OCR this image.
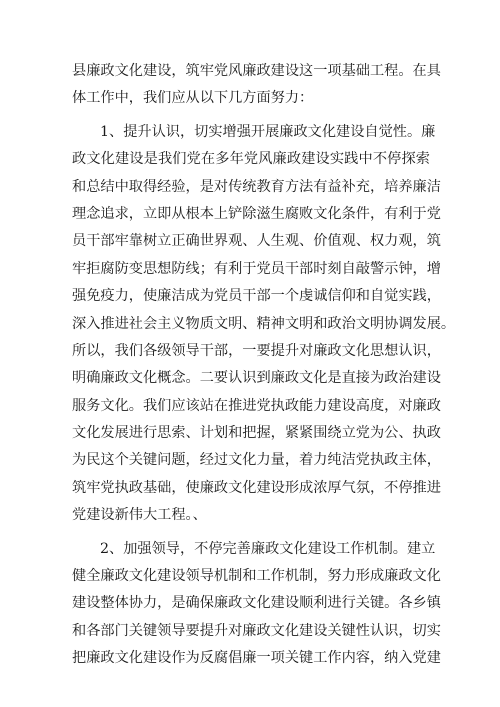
县廉政文化建设，筑牢党风廉政建设这一项基础工程。在具
体工作中，我们应从以下几方面努力：
1、提升认识，切实增强开展廉政文化建设自觉性。廉
政文化建设是我们党在多年党风廉政建设实践中不停探索
和总结中取得经验，是对传统教育方法有益补充，培养廉洁
理念追求，立即从根本上铲除滋生腐败文化条件，有利于党
员干部牢靠树立正确世界观、人生观、价值观、权力观，筑
牢拒腐防变思想防线；有利于党员干部时刻自敲警示钟，增
强免疫力，使廉洁成为党员干部一个虔诚信仰和自觉实践，
深入推进社会主义物质文明、精神文明和政治文明协调发展。
所以，我们各级领导干部，一要提升对廉政文化思想认识，
明确廉政文化概念。二要认识到廉政文化是直接为政治建设
服务文化。我们应该站在推进党执政能力建设高度，对廉政
文化发展进行思索、计划和把握，紧紧围绕立党为公、执政
为民这个关键问题，经过文化力量，着力纯洁党执政主体，
筑牢党执政基础，使廉政文化建设形成浓厚气氛，不停推进
党建设新伟大工程。、
2、加强领导，不停完善廉政文化建设工作机制。建立
健全廉政文化建设领导机制和工作机制，努力形成廉政文化
建设整体协力，是确保廉政文化建设顺利进行关键。各乡镇
和各部门关键领导要提升对廉政文化建设关键性认识，切实
把廉政文化建设作为反腐倡廉一项关键工作内容，纳入党建
